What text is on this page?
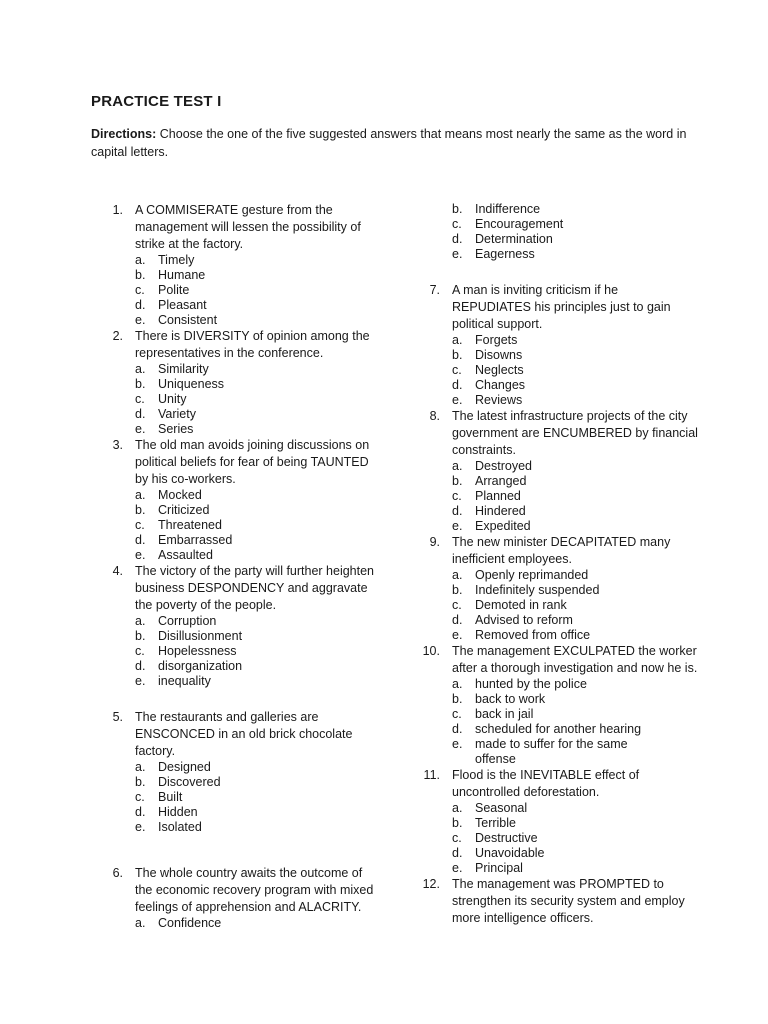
PRACTICE TEST I
Directions: Choose the one of the five suggested answers that means most nearly the same as the word in capital letters.
1. A COMMISERATE gesture from the management will lessen the possibility of strike at the factory.
a. Timely
b. Humane
c. Polite
d. Pleasant
e. Consistent
2. There is DIVERSITY of opinion among the representatives in the conference.
a. Similarity
b. Uniqueness
c. Unity
d. Variety
e. Series
3. The old man avoids joining discussions on political beliefs for fear of being TAUNTED by his co-workers.
a. Mocked
b. Criticized
c. Threatened
d. Embarrassed
e. Assaulted
4. The victory of the party will further heighten business DESPONDENCY and aggravate the poverty of the people.
a. Corruption
b. Disillusionment
c. Hopelessness
d. disorganization
e. inequality
5. The restaurants and galleries are ENSCONCED in an old brick chocolate factory.
a. Designed
b. Discovered
c. Built
d. Hidden
e. Isolated
6. The whole country awaits the outcome of the economic recovery program with mixed feelings of apprehension and ALACRITY.
a. Confidence
b. Indifference
c. Encouragement
d. Determination
e. Eagerness
7. A man is inviting criticism if he REPUDIATES his principles just to gain political support.
a. Forgets
b. Disowns
c. Neglects
d. Changes
e. Reviews
8. The latest infrastructure projects of the city government are ENCUMBERED by financial constraints.
a. Destroyed
b. Arranged
c. Planned
d. Hindered
e. Expedited
9. The new minister DECAPITATED many inefficient employees.
a. Openly reprimanded
b. Indefinitely suspended
c. Demoted in rank
d. Advised to reform
e. Removed from office
10. The management EXCULPATED the worker after a thorough investigation and now he is.
a. hunted by the police
b. back to work
c. back in jail
d. scheduled for another hearing
e. made to suffer for the same offense
11. Flood is the INEVITABLE effect of uncontrolled deforestation.
a. Seasonal
b. Terrible
c. Destructive
d. Unavoidable
e. Principal
12. The management was PROMPTED to strengthen its security system and employ more intelligence officers.
